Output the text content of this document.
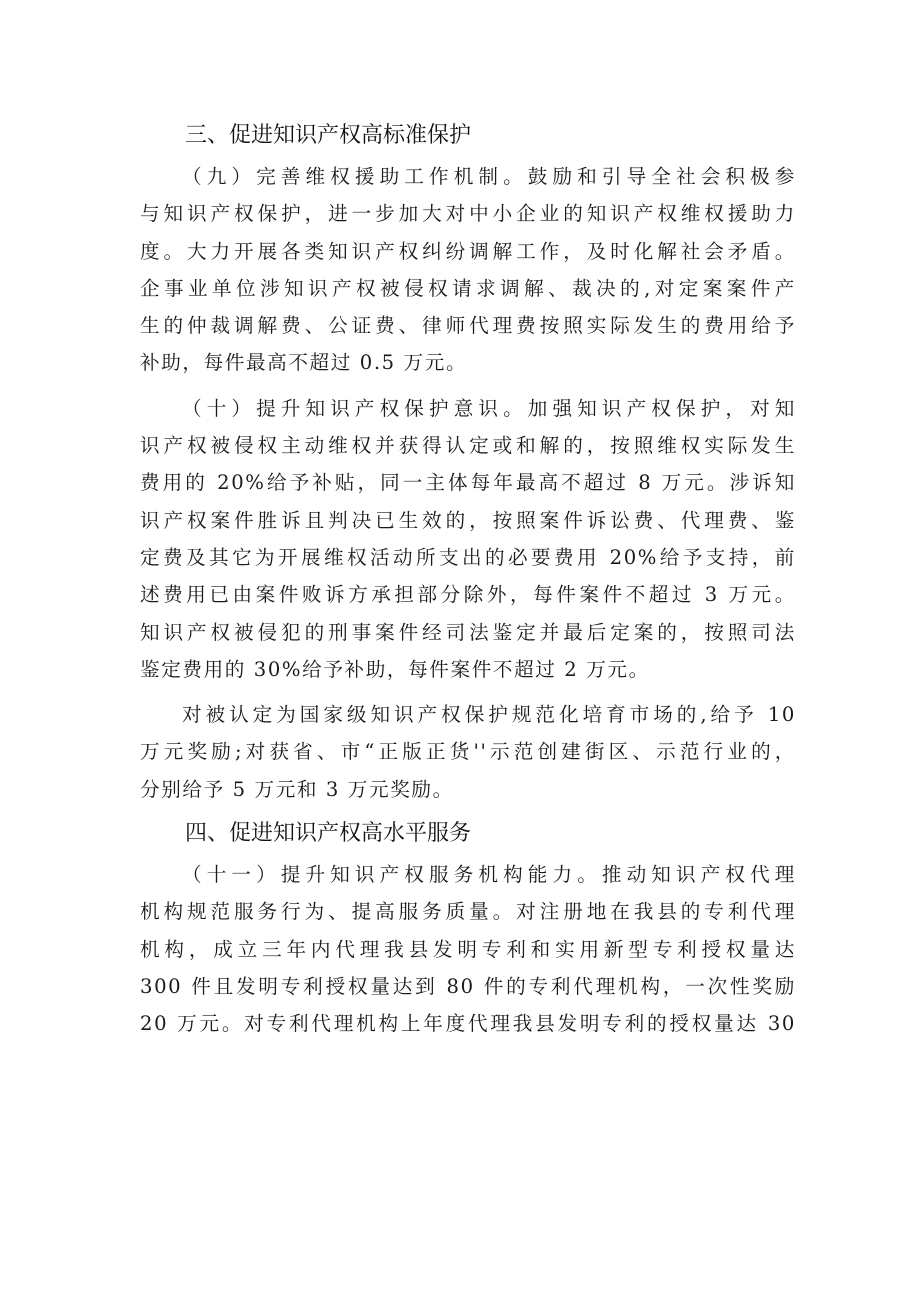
三、促进知识产权高标准保护

（九）完善维权援助工作机制。鼓励和引导全社会积极参
与知识产权保护，进一步加大对中小企业的知识产权维权援助力
度。大力开展各类知识产权纠纷调解工作，及时化解社会矛盾。
企事业单位涉知识产权被侵权请求调解、裁决的,对定案案件产
生的仲裁调解费、公证费、律师代理费按照实际发生的费用给予
补助，每件最高不超过 0.5 万元。

（十）提升知识产权保护意识。加强知识产权保护，对知
识产权被侵权主动维权并获得认定或和解的，按照维权实际发生
费用的 20%给予补贴，同一主体每年最高不超过 8 万元。涉诉知
识产权案件胜诉且判决已生效的，按照案件诉讼费、代理费、鉴
定费及其它为开展维权活动所支出的必要费用 20%给予支持，前
述费用已由案件败诉方承担部分除外，每件案件不超过 3 万元。
知识产权被侵犯的刑事案件经司法鉴定并最后定案的，按照司法
鉴定费用的 30%给予补助，每件案件不超过 2 万元。

对被认定为国家级知识产权保护规范化培育市场的,给予 10
万元奖励;对获省、市“正版正货''示范创建街区、示范行业的，
分别给予 5 万元和 3 万元奖励。

四、促进知识产权高水平服务

（十一）提升知识产权服务机构能力。推动知识产权代理
机构规范服务行为、提高服务质量。对注册地在我县的专利代理
机构，成立三年内代理我县发明专利和实用新型专利授权量达
300 件且发明专利授权量达到 80 件的专利代理机构，一次性奖励
20 万元。对专利代理机构上年度代理我县发明专利的授权量达 30
